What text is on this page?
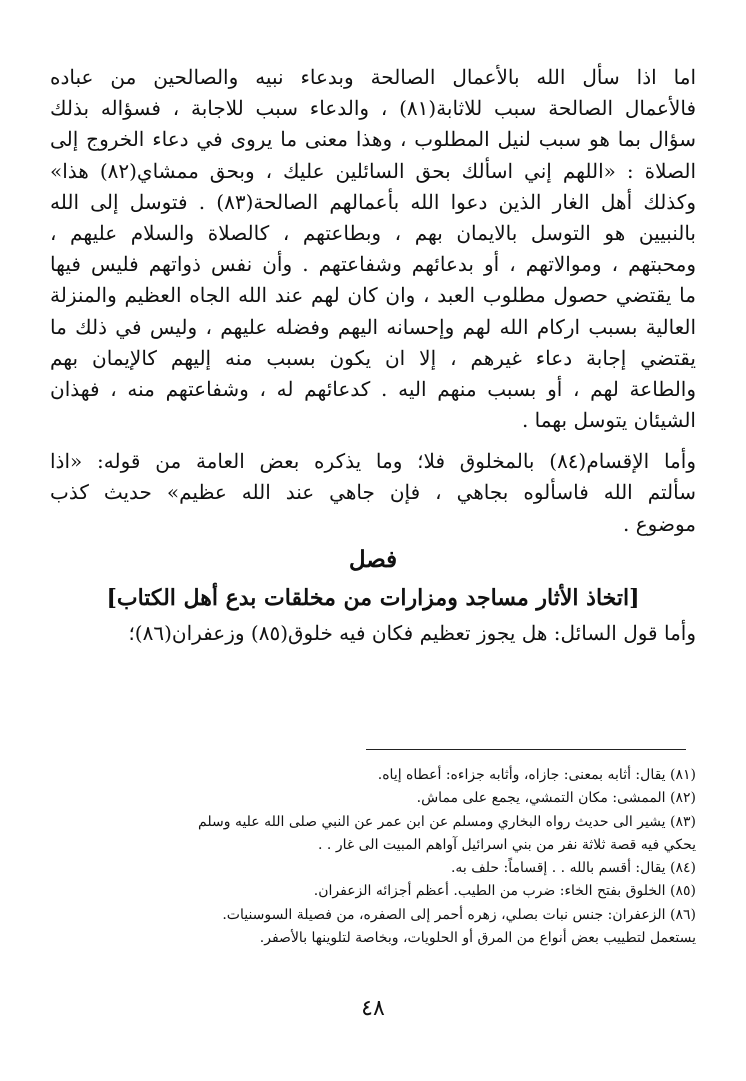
اما اذا سأل الله بالأعمال الصالحة وبدعاء نبيه والصالحين من عباده
فالأعمال الصالحة سبب للاثابة(٨١) ، والدعاء سبب للاجابة ، فسؤاله بذلك
سؤال بما هو سبب لنيل المطلوب ، وهذا معنى ما يروى في دعاء الخروج إلى
الصلاة : «اللهم إني اسألك بحق السائلين عليك ، وبحق ممشاي(٨٢) هذا»
وكذلك أهل الغار الذين دعوا الله بأعمالهم الصالحة(٨٣) . فتوسل إلى الله
بالنبيين هو التوسل بالايمان بهم ، وبطاعتهم ، كالصلاة والسلام عليهم ،
ومحبتهم ، وموالاتهم ، أو بدعائهم وشفاعتهم . وأن نفس ذواتهم فليس فيها
ما يقتضي حصول مطلوب العبد ، وان كان لهم عند الله الجاه العظيم والمنزلة
العالية بسبب اركام الله لهم وإحسانه اليهم وفضله عليهم ، وليس في ذلك ما
يقتضي إجابة دعاء غيرهم ، إلا ان يكون بسبب منه إليهم كالإيمان بهم
والطاعة لهم ، أو بسبب منهم اليه . كدعائهم له ، وشفاعتهم منه ، فهذان
الشيئان يتوسل بهما .
وأما الإقسام(٨٤) بالمخلوق فلا؛ وما يذكره بعض العامة من قوله: «اذا
سألتم الله فاسألوه بجاهي ، فإن جاهي عند الله عظيم» حديث كذب
موضوع .
فصل
[اتخاذ الأثار مساجد ومزارات من مخلقات بدع أهل الكتاب]
وأما قول السائل: هل يجوز تعظيم فكان فيه خلوق(٨٥) وزعفران(٨٦)؛
(٨١) يقال: أثابه بمعنى: جازاه، وأثابه جزاءه: أعطاه إياه.
(٨٢) الممشى: مكان التمشي، يجمع على مماش.
(٨٣) يشير الى حديث رواه البخاري ومسلم عن ابن عمر عن النبي صلى الله عليه وسلم
يحكي فيه قصة ثلاثة نفر من بني اسرائيل آواهم المبيت الى غار . .
(٨٤) يقال: أقسم بالله . . إقساماً: حلف به.
(٨٥) الخلوق بفتح الخاء: ضرب من الطيب. أعظم أجزائه الزعفران.
(٨٦) الزعفران: جنس نبات بصلي، زهره أحمر إلى الصفره، من فصيلة السوسنيات.
يستعمل لتطييب بعض أنواع من المرق أو الحلويات، وبخاصة لتلوينها بالأصفر.
٤٨
